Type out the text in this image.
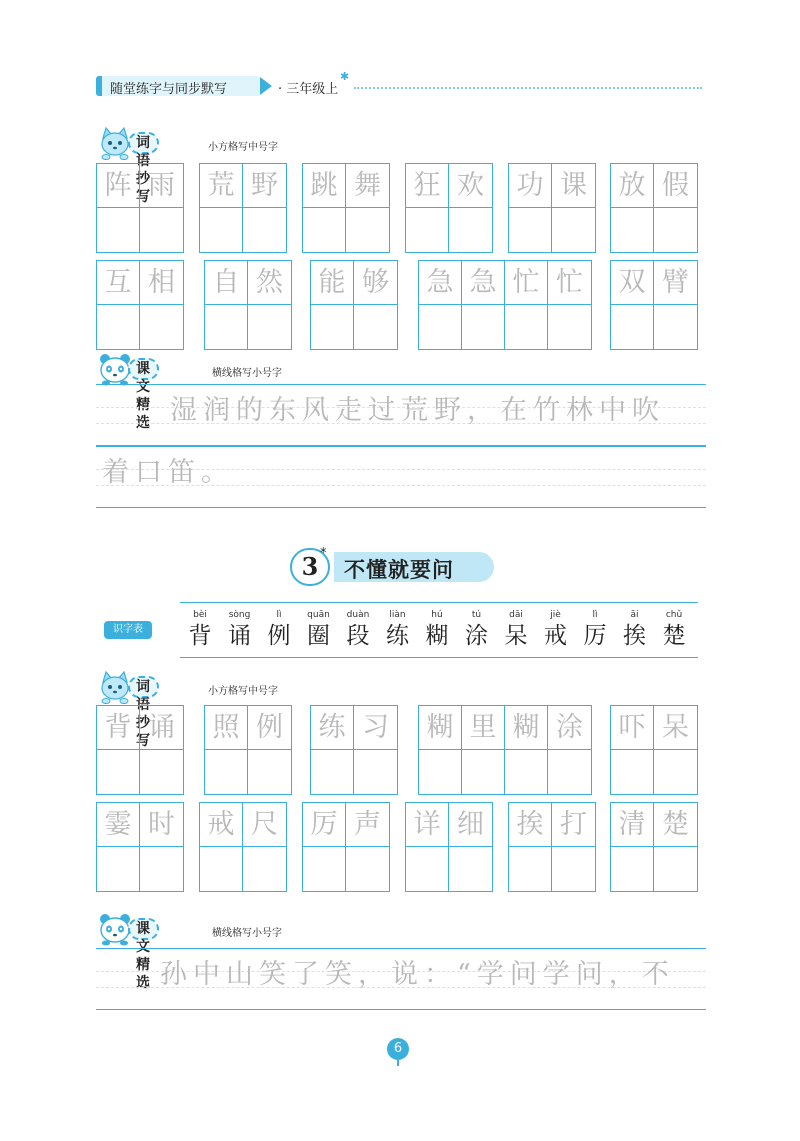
随堂练字与同步默写	· 三年级上
✱
词语抄写
小方格写中号字
课文精选
横线格写小号字
词语抄写
小方格写中号字
课文精选
横线格写小号字
阵 雨 荒 野 跳 舞 狂 欢 功 课 放 假
互 相 自 然 能 够 急 急 忙 忙 双 臂
湿润的东风走过荒野，在竹林中吹
着口笛。
3 *
不懂就要问
识字表
bèi
背
sòng
诵
lì
例
quān
圈
duàn
段
liàn
练
hú
糊
tú
涂
dāi
呆
jiè
戒
lì
厉
āi
挨
chǔ
楚
背 诵 照 例 练 习 糊 里 糊 涂 吓 呆
霎 时 戒 尺 厉 声 详 细 挨 打 清 楚
孙中山笑了笑，说：“学问学问，不
6
